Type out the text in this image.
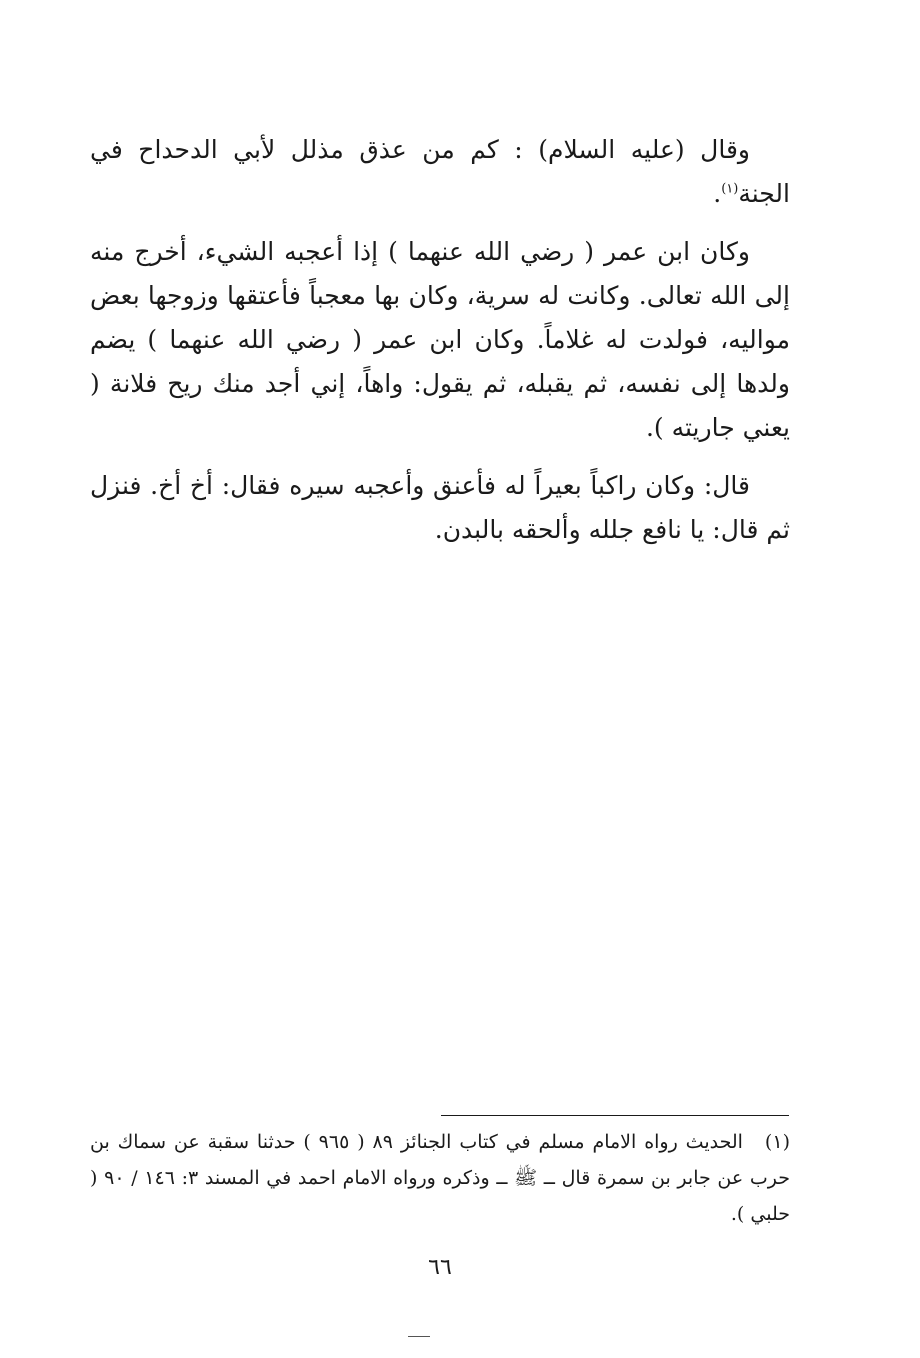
وقال (عليه السلام) : كم من عذق مذلل لأبي الدحداح في الجنة$^{(١)}$.

وكان ابن عمر ( رضي الله عنهما ) إذا أعجبه الشيء، أخرج منه إلى الله تعالى. وكانت له سرية، وكان بها معجباً فأعتقها وزوجها بعض مواليه، فولدت له غلاماً. وكان ابن عمر ( رضي الله عنهما ) يضم ولدها إلى نفسه، ثم يقبله، ثم يقول: واهاً، إني أجد منك ريح فلانة ( يعني جاريته ).

قال: وكان راكباً بعيراً له فأعنق وأعجبه سيره فقال: أخ أخ. فنزل ثم قال: يا نافع جلله وألحقه بالبدن.

(١)الحديث رواه الامام مسلم في كتاب الجنائز ٨٩ ( ٩٦٥ ) حدثنا سقبة عن سماك بن حرب عن جابر بن سمرة قال ــ ﷺ ــ وذكره ورواه الامام احمد في المسند ٣: ١٤٦ / ٩٠ ( حلبي ).
٦٦
